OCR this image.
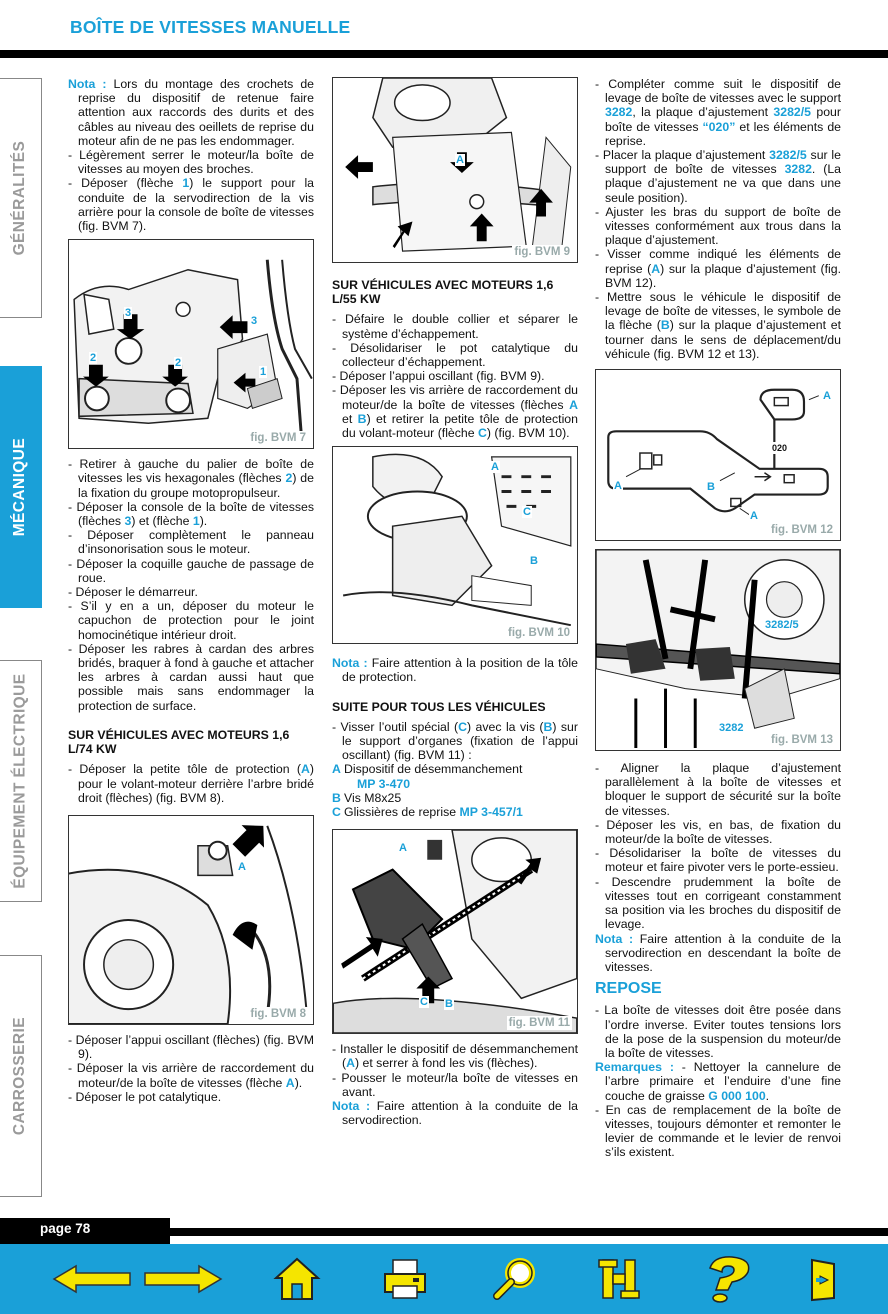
BOÎTE DE VITESSES MANUELLE
GÉNÉRALITÉS
MÉCANIQUE
ÉQUIPEMENT ÉLECTRIQUE
CARROSSERIE

Nota : Lors du montage des crochets de reprise du dispositif de retenue faire attention aux raccords des durits et des câbles au niveau des oeillets de reprise du moteur afin de ne pas les endommager.

- Légèrement serrer le moteur/la boîte de vitesses au moyen des broches.

- Déposer (flèche 1) le support pour la conduite de la servodirection de la vis arrière pour la console de boîte de vitesses (fig. BVM 7).

3
3
2	2
1
fig. BVM 7

- Retirer à gauche du palier de boîte de vitesses les vis hexagonales (flèches 2) de la fixation du groupe motopropulseur.

- Déposer la console de la boîte de vitesses (flèches 3) et (flèche 1).

- Déposer complètement le panneau d’insonorisation sous le moteur.

- Déposer la coquille gauche de passage de roue.

- Déposer le démarreur.

- S’il y en a un, déposer du moteur le capuchon de protection pour le joint homocinétique intérieur droit.

- Déposer les rabres à cardan des arbres bridés, braquer à fond à gauche et attacher les arbres à cardan aussi haut que possible mais sans endommager la protection de surface.

SUR VÉHICULES AVEC MOTEURS 1,6 L/74 KW

- Déposer la petite tôle de protection (A) pour le volant-moteur derrière l’arbre bridé droit (flèches) (fig. BVM 8).

A
fig. BVM 8

- Déposer l’appui oscillant (flèches) (fig. BVM 9).

- Déposer la vis arrière de raccordement du moteur/de la boîte de vitesses (flèche A).

- Déposer le pot catalytique.

A
fig. BVM 9
SUR VÉHICULES AVEC MOTEURS 1,6 L/55 KW

- Défaire le double collier et séparer le système d’échappement.

- Désolidariser le pot catalytique du collecteur d’échappement.

- Déposer l’appui oscillant (fig. BVM 9).

- Déposer les vis arrière de raccordement du moteur/de la boîte de vitesses (flèches A et B) et retirer la petite tôle de protection du volant-moteur (flèche C) (fig. BVM 10).

A
C
B
fig. BVM 10

Nota : Faire attention à la position de la tôle de protection.

SUITE POUR TOUS LES VÉHICULES

- Visser l’outil spécial (C) avec la vis (B) sur le support d’organes (fixation de l’appui oscillant) (fig. BVM 11) :

A Dispositif de désemmanchement

MP 3-470

B Vis M8x25

C Glissières de reprise MP 3-457/1

A
C B
fig. BVM 11

- Installer le dispositif de désemmanchement (A) et serrer à fond les vis (flèches).

- Pousser le moteur/la boîte de vitesses en avant.

Nota : Faire attention à la conduite de la servodirection.

- Compléter comme suit le dispositif de levage de boîte de vitesses avec le support 3282, la plaque d’ajustement 3282/5 pour boîte de vitesses “020” et les éléments de reprise.

- Placer la plaque d’ajustement 3282/5 sur le support de boîte de vitesses 3282. (La plaque d’ajustement ne va que dans une seule position).

- Ajuster les bras du support de boîte de vitesses conformément aux trous dans la plaque d’ajustement.

- Visser comme indiqué les éléments de reprise (A) sur la plaque d’ajustement (fig. BVM 12).

- Mettre sous le véhicule le dispositif de levage de boîte de vitesses, le symbole de la flèche (B) sur la plaque d’ajustement et tourner dans le sens de déplacement/du véhicule (fig. BVM 12 et 13).

A
A	B
A
020
fig. BVM 12
3282/5
3282
fig. BVM 13

- Aligner la plaque d’ajustement parallèlement à la boîte de vitesses et bloquer le support de sécurité sur la boîte de vitesses.

- Déposer les vis, en bas, de fixation du moteur/de la boîte de vitesses.

- Désolidariser la boîte de vitesses du moteur et faire pivoter vers le porte-essieu.

- Descendre prudemment la boîte de vitesses tout en corrigeant constamment sa position via les broches du dispositif de levage.

Nota : Faire attention à la conduite de la servodirection en descendant la boîte de vitesses.

REPOSE

- La boîte de vitesses doit être posée dans l’ordre inverse. Eviter toutes tensions lors de la pose de la suspension du moteur/de la boîte de vitesses.

Remarques : - Nettoyer la cannelure de l’arbre primaire et l’enduire d’une fine couche de graisse G 000 100.

- En cas de remplacement de la boîte de vitesses, toujours démonter et remonter le levier de commande et le levier de renvoi s’ils existent.

page 78
